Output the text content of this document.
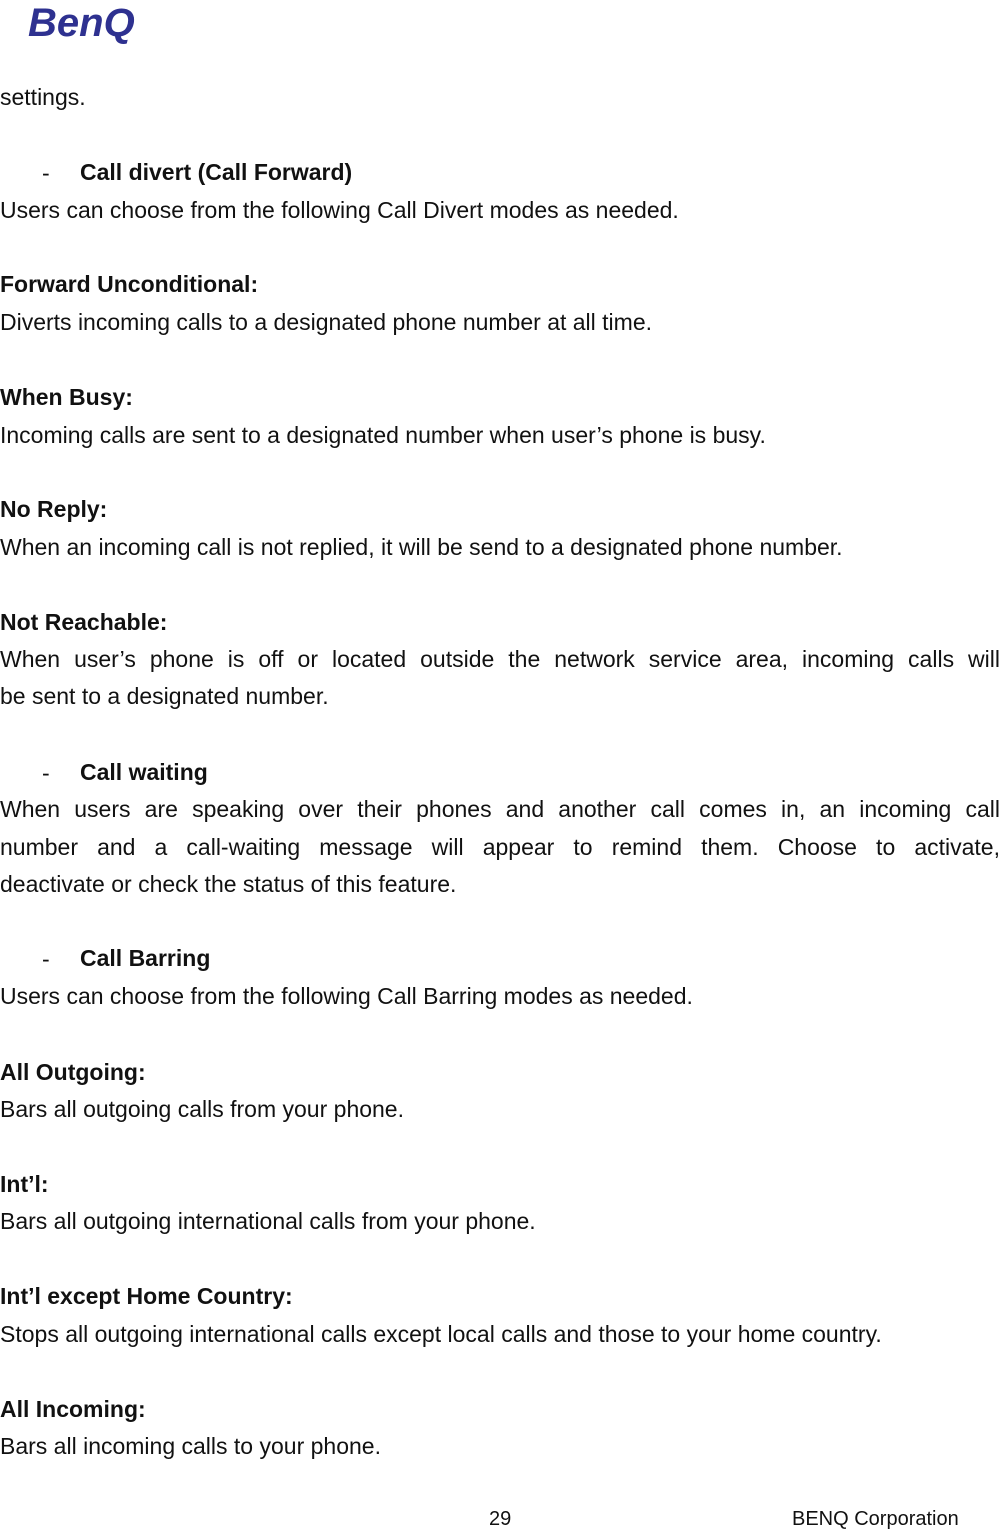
BenQ
settings.
- Call divert (Call Forward)
Users can choose from the following Call Divert modes as needed.
Forward Unconditional:
Diverts incoming calls to a designated phone number at all time.
When Busy:
Incoming calls are sent to a designated number when user’s phone is busy.
No Reply:
When an incoming call is not replied, it will be send to a designated phone number.
Not Reachable:
When user’s phone is off or located outside the network service area, incoming calls will
be sent to a designated number.
- Call waiting
When users are speaking over their phones and another call comes in, an incoming call
number and a call-waiting message will appear to remind them. Choose to activate,
deactivate or check the status of this feature.
- Call Barring
Users can choose from the following Call Barring modes as needed.
All Outgoing:
Bars all outgoing calls from your phone.
Int’l:
Bars all outgoing international calls from your phone.
Int’l except Home Country:
Stops all outgoing international calls except local calls and those to your home country.
All Incoming:
Bars all incoming calls to your phone.
29	BENQ Corporation
